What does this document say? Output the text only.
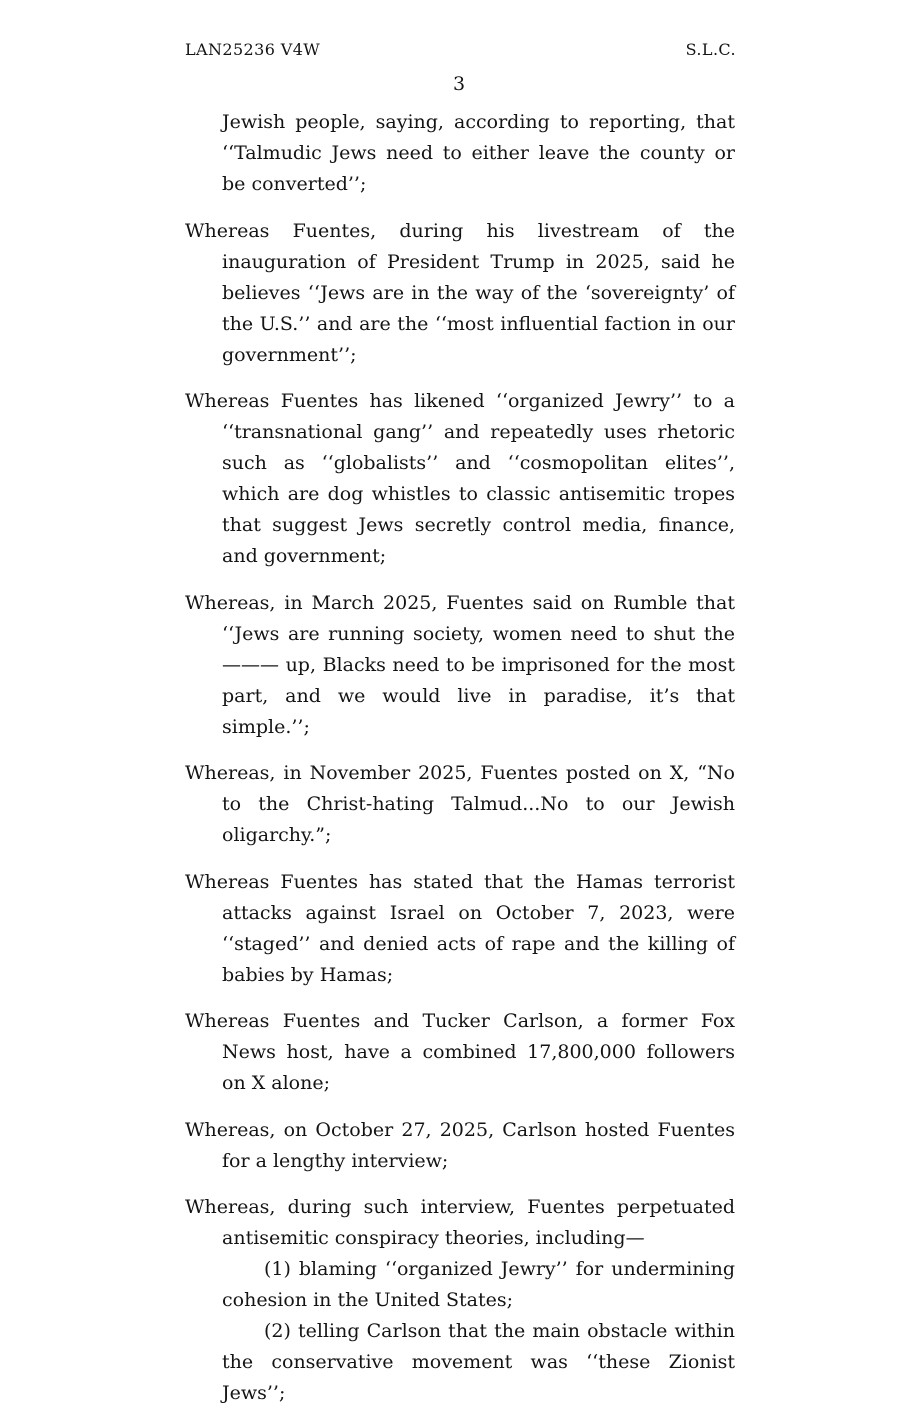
LAN25236 V4W	S.L.C.
3

Jewish people, saying, according to reporting, that ‘‘Talmudic Jews need to either leave the county or be converted’’;

Whereas Fuentes, during his livestream of the inauguration of President Trump in 2025, said he believes ‘‘Jews are in the way of the ‘sovereignty’ of the U.S.’’ and are the ‘‘most influential faction in our government’’;

Whereas Fuentes has likened ‘‘organized Jewry’’ to a ‘‘transnational gang’’ and repeatedly uses rhetoric such as ‘‘globalists’’ and ‘‘cosmopolitan elites’’, which are dog whistles to classic antisemitic tropes that suggest Jews secretly control media, finance, and government;

Whereas, in March 2025, Fuentes said on Rumble that ‘‘Jews are running society, women need to shut the ——— up, Blacks need to be imprisoned for the most part, and we would live in paradise, it’s that simple.’’;

Whereas, in November 2025, Fuentes posted on X, “No to the Christ-hating Talmud...No to our Jewish oligarchy.”;

Whereas Fuentes has stated that the Hamas terrorist attacks against Israel on October 7, 2023, were ‘‘staged’’ and denied acts of rape and the killing of babies by Hamas;

Whereas Fuentes and Tucker Carlson, a former Fox News host, have a combined 17,800,000 followers on X alone;

Whereas, on October 27, 2025, Carlson hosted Fuentes for a lengthy interview;

Whereas, during such interview, Fuentes perpetuated antisemitic conspiracy theories, including—

(1) blaming ‘‘organized Jewry’’ for undermining cohesion in the United States;

(2) telling Carlson that the main obstacle within the conservative movement was ‘‘these Zionist Jews’’;
